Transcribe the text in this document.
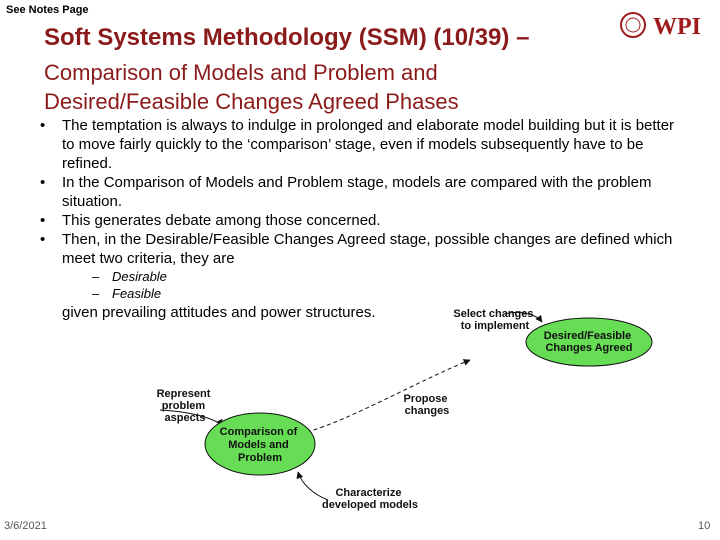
See Notes Page
Soft Systems Methodology (SSM) (10/39) –
Comparison of Models and Problem and Desired/Feasible Changes Agreed Phases
WPI
• The temptation is always to indulge in prolonged and elaborate model building but it is better to move fairly quickly to the ‘comparison’ stage, even if models subsequently have to be refined.
• In the Comparison of Models and Problem stage, models are compared with the problem situation.
• This generates debate among those concerned.
• Then, in the Desirable/Feasible Changes Agreed stage, possible changes are defined which meet two criteria, they are
– Desirable
– Feasible
given prevailing attitudes and power structures.
Comparison of Models and Problem
Desired/Feasible Changes Agreed
Select changes to implement
Represent problem aspects
Propose changes
Characterize developed models
3/6/2021	10
